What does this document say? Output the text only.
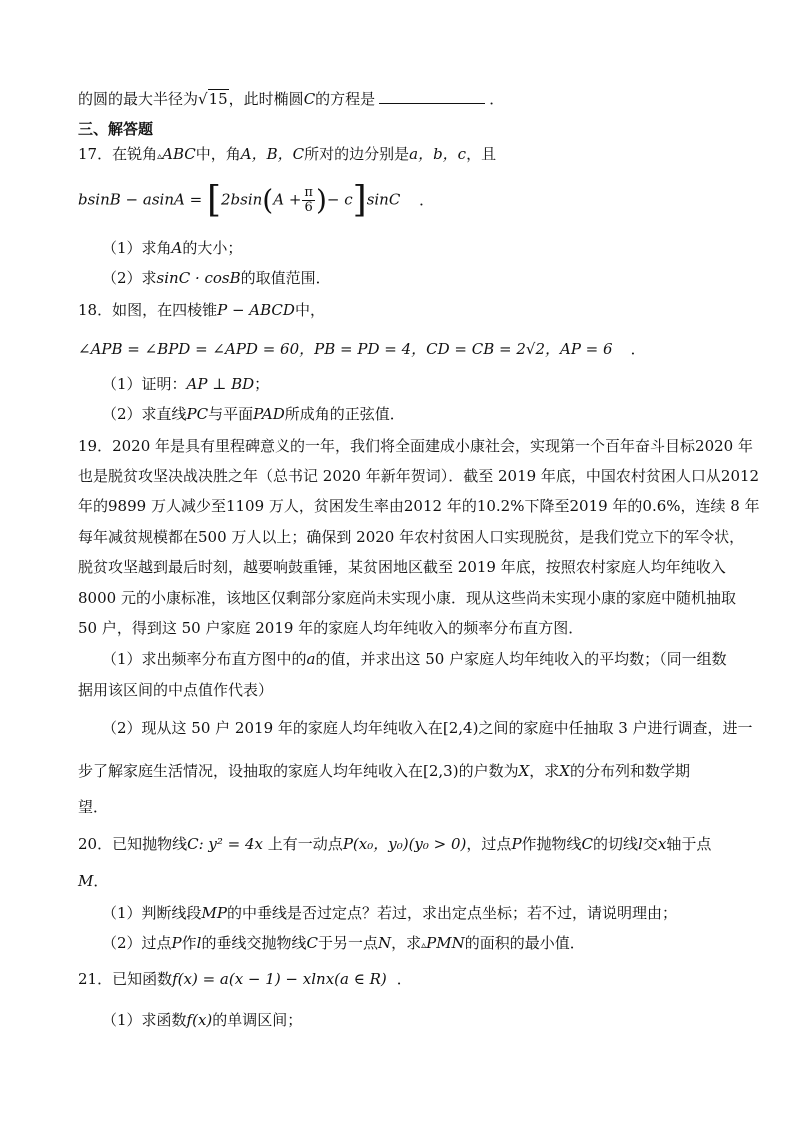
的圆的最大半径为√15，此时椭圆C的方程是	．
三、解答题
17．在锐角▵ABC中，角A，B，C所对的边分别是a，b，c，且
$bsinB - asinA = [2bsin(A + \frac{\pi}{6}$ )− c]sinC ．
（1）求角A的大小；
（2）求sinC · cosB的取值范围．
18．如图，在四棱锥P − ABCD中，
∠APB = ∠BPD = ∠APD = 60，PB = PD = 4，CD = CB = 2√2，AP = 6 ．
（1）证明：AP ⊥ BD；
（2）求直线PC与平面PAD所成角的正弦值．
19．2020 年是具有里程碑意义的一年，我们将全面建成小康社会，实现第一个百年奋斗目标2020 年
也是脱贫攻坚决战决胜之年（总书记 2020 年新年贺词）．截至 2019 年底，中国农村贫困人口从2012
年的9899 万人减少至1109 万人，贫困发生率由2012 年的10.2%下降至2019 年的0.6%，连续 8 年
每年减贫规模都在500 万人以上；确保到 2020 年农村贫困人口实现脱贫，是我们党立下的军令状，
脱贫攻坚越到最后时刻，越要响鼓重锤，某贫困地区截至 2019 年底，按照农村家庭人均年纯收入
8000 元的小康标准，该地区仅剩部分家庭尚未实现小康．现从这些尚未实现小康的家庭中随机抽取
50 户，得到这 50 户家庭 2019 年的家庭人均年纯收入的频率分布直方图．
（1）求出频率分布直方图中的a的值，并求出这 50 户家庭人均年纯收入的平均数；（同一组数
据用该区间的中点值作代表）
（2）现从这 50 户 2019 年的家庭人均年纯收入在[2,4)之间的家庭中任抽取 3 户进行调查，进一
步了解家庭生活情况，设抽取的家庭人均年纯收入在[2,3)的户数为X，求X的分布列和数学期
望．
20．已知抛物线C: y² = 4x 上有一动点P(x₀，y₀)(y₀ > 0)，过点P作抛物线C的切线l交x轴于点
M．
（1）判断线段MP的中垂线是否过定点？若过，求出定点坐标；若不过，请说明理由；
（2）过点P作l的垂线交抛物线C于另一点N，求▵PMN的面积的最小值．
21．已知函数f(x) = a(x − 1) − xlnx(a ∈ R) ．
（1）求函数f(x)的单调区间；
